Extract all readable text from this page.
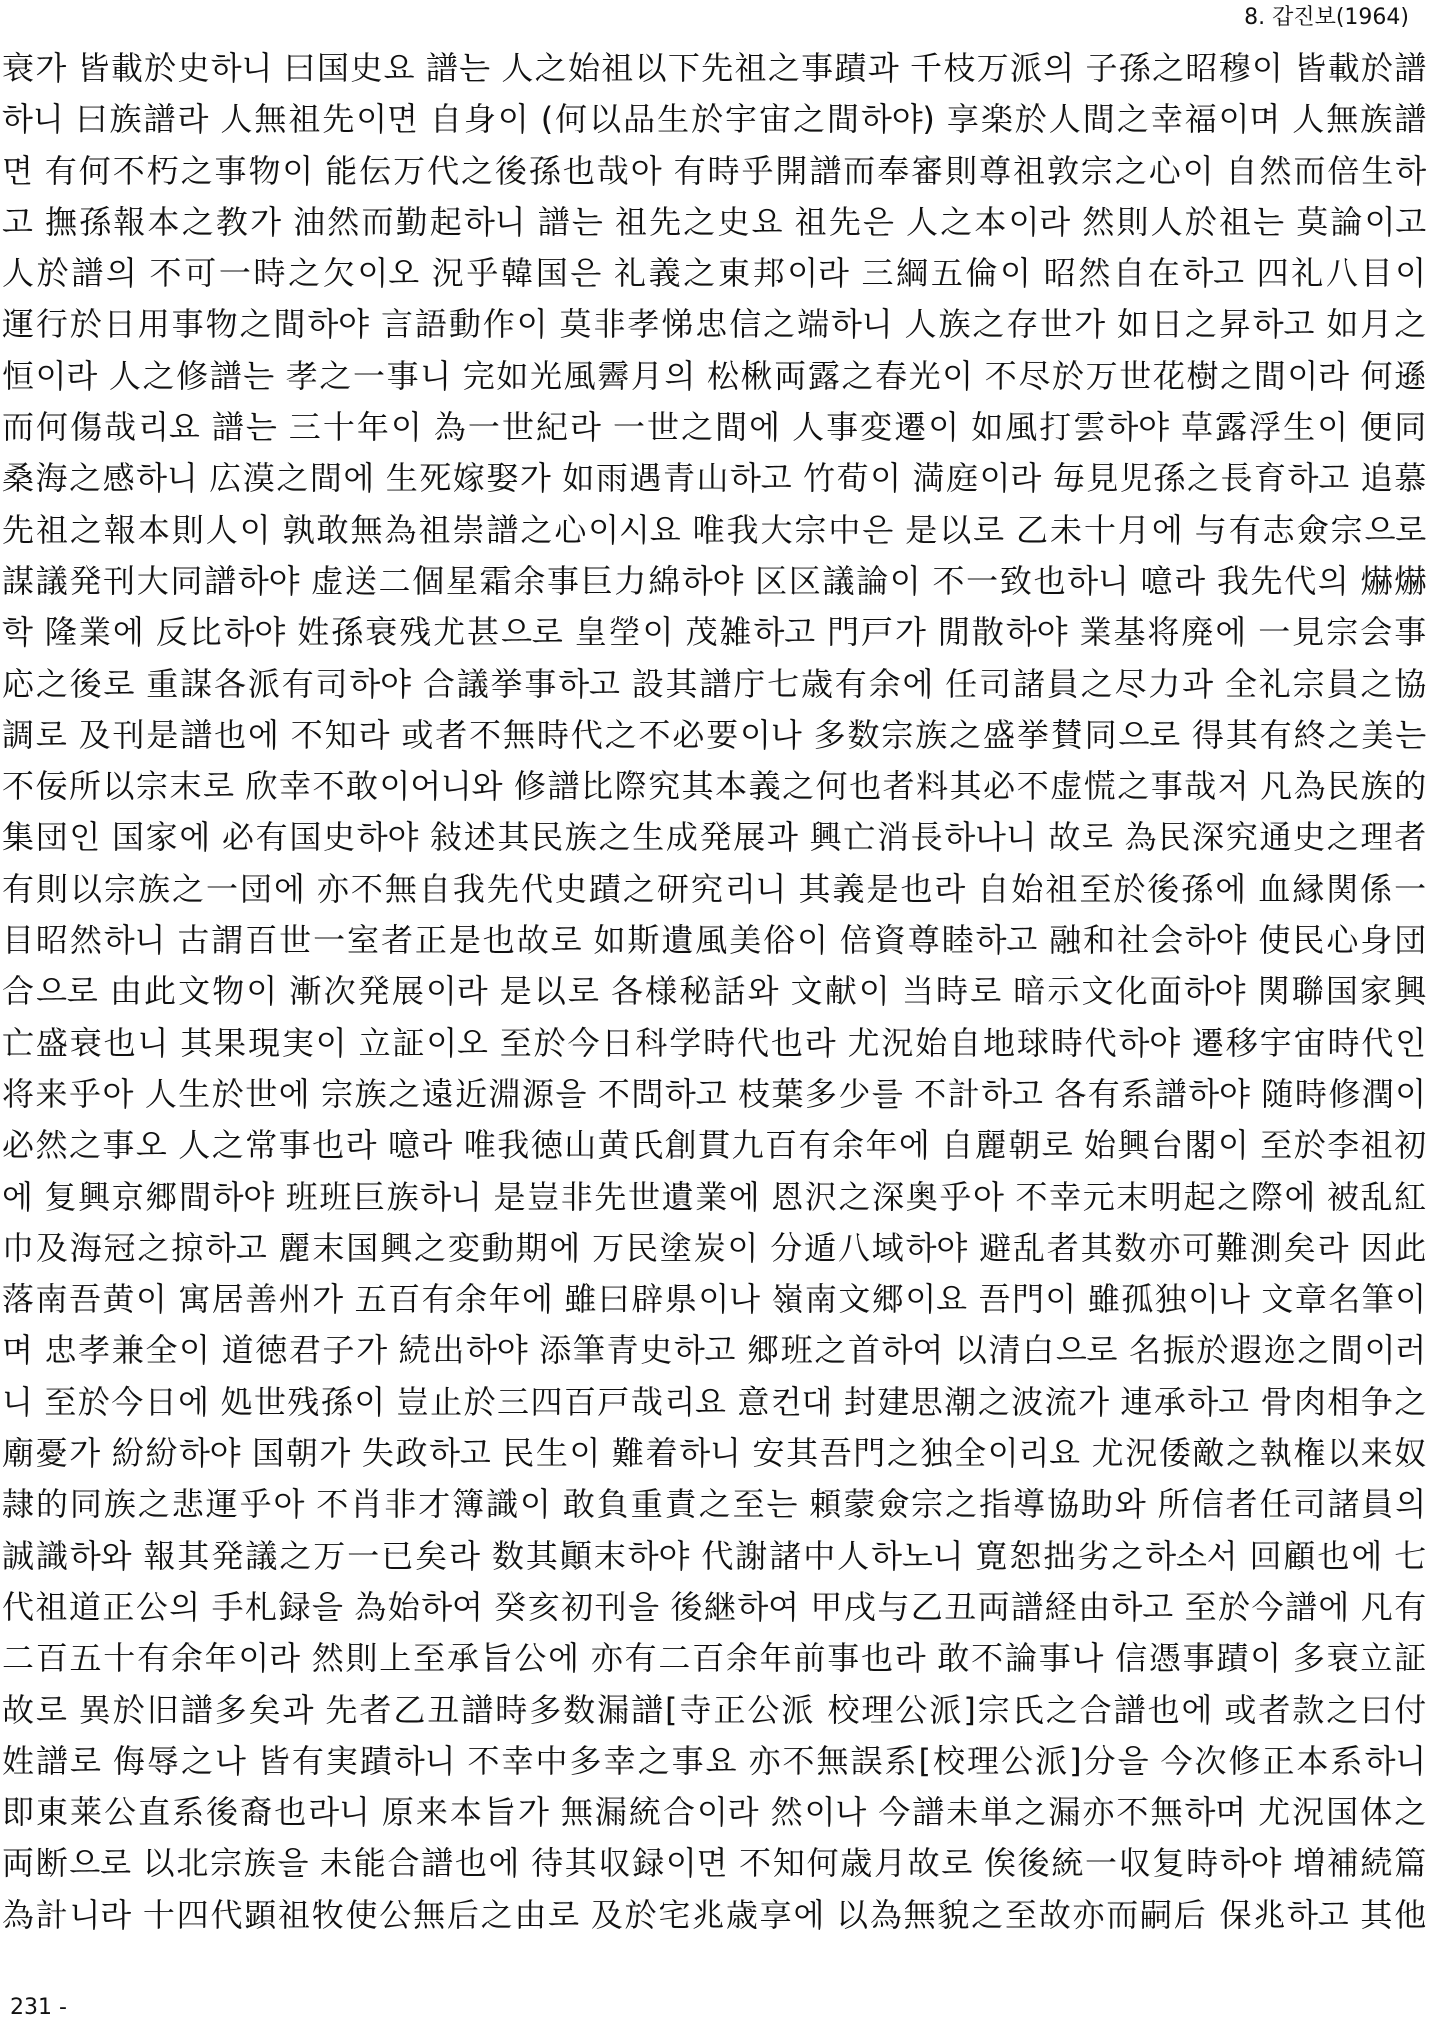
8. 갑진보(1964)
衰가 皆載於史하니 曰国史요 譜는 人之始祖以下先祖之事蹟과 千枝万派의 子孫之昭穆이 皆載於譜
하니 曰族譜라 人無祖先이면 自身이 (何以品生於宇宙之間하야) 享楽於人間之幸福이며 人無族譜
면 有何不朽之事物이 能伝万代之後孫也哉아 有時乎開譜而奉審則尊祖敦宗之心이 自然而倍生하
고 撫孫報本之教가 油然而勤起하니 譜는 祖先之史요 祖先은 人之本이라 然則人於祖는 莫論이고
人於譜의 不可一時之欠이오 況乎韓国은 礼義之東邦이라 三綱五倫이 昭然自在하고 四礼八目이
運行於日用事物之間하야 言語動作이 莫非孝悌忠信之端하니 人族之存世가 如日之昇하고 如月之
恒이라 人之修譜는 孝之一事니 完如光風霽月의 松楸両露之春光이 不尽於万世花樹之間이라 何遜
而何傷哉리요 譜는 三十年이 為一世紀라 一世之間에 人事変遷이 如風打雲하야 草露浮生이 便同
桑海之感하니 広漠之間에 生死嫁娶가 如雨遇青山하고 竹荀이 満庭이라 毎見児孫之長育하고 追慕
先祖之報本則人이 孰敢無為祖崇譜之心이시요 唯我大宗中은 是以로 乙未十月에 与有志僉宗으로
謀議発刊大同譜하야 虚送二個星霜余事巨力綿하야 区区議論이 不一致也하니 噫라 我先代의 爀爀
학 隆業에 反比하야 姓孫衰残尤甚으로 皇塋이 茂雑하고 門戸가 閒散하야 業基将廃에 一見宗会事
応之後로 重謀各派有司하야 合議挙事하고 設其譜庁七歳有余에 任司諸員之尽力과 全礼宗員之協
調로 及刊是譜也에 不知라 或者不無時代之不必要이나 多数宗族之盛挙賛同으로 得其有終之美는
不佞所以宗末로 欣幸不敢이어니와 修譜比際究其本義之何也者料其必不虚慌之事哉저 凡為民族的
集団인 国家에 必有国史하야 敍述其民族之生成発展과 興亡消長하나니 故로 為民深究通史之理者
有則以宗族之一団에 亦不無自我先代史蹟之研究리니 其義是也라 自始祖至於後孫에 血縁関係一
目昭然하니 古謂百世一室者正是也故로 如斯遺風美俗이 倍資尊睦하고 融和社会하야 使民心身団
合으로 由此文物이 漸次発展이라 是以로 各様秘話와 文献이 当時로 暗示文化面하야 関聯国家興
亡盛衰也니 其果現実이 立証이오 至於今日科学時代也라 尤況始自地球時代하야 遷移宇宙時代인
将来乎아 人生於世에 宗族之遠近淵源을 不問하고 枝葉多少를 不計하고 各有系譜하야 随時修潤이
必然之事오 人之常事也라 噫라 唯我徳山黄氏創貫九百有余年에 自麗朝로 始興台閣이 至於李祖初
에 复興京郷間하야 班班巨族하니 是豈非先世遺業에 恩沢之深奥乎아 不幸元末明起之際에 被乱紅
巾及海冠之掠하고 麗末国興之変動期에 万民塗炭이 分遁八域하야 避乱者其数亦可難測矣라 因此
落南吾黄이 寓居善州가 五百有余年에 雖曰辟県이나 嶺南文郷이요 吾門이 雖孤独이나 文章名筆이
며 忠孝兼全이 道徳君子가 続出하야 添筆青史하고 郷班之首하여 以清白으로 名振於遐迩之間이러
니 至於今日에 処世残孫이 豈止於三四百戸哉리요 意컨대 封建思潮之波流가 連承하고 骨肉相争之
廟憂가 紛紛하야 国朝가 失政하고 民生이 難着하니 安其吾門之独全이리요 尤況倭敵之執権以来奴
隷的同族之悲運乎아 不肖非才簿識이 敢負重責之至는 頼蒙僉宗之指導協助와 所信者任司諸員의
誠識하와 報其発議之万一已矣라 数其顚末하야 代謝諸中人하노니 寛恕拙劣之하소서 回顧也에 七
代祖道正公의 手札録을 為始하여 癸亥初刊을 後継하여 甲戌与乙丑両譜経由하고 至於今譜에 凡有
二百五十有余年이라 然則上至承旨公에 亦有二百余年前事也라 敢不論事나 信憑事蹟이 多衰立証
故로 異於旧譜多矣과 先者乙丑譜時多数漏譜[寺正公派 校理公派]宗氏之合譜也에 或者款之曰付
姓譜로 侮辱之나 皆有実蹟하니 不幸中多幸之事요 亦不無誤系[校理公派]分을 今次修正本系하니
即東莱公直系後裔也라니 原来本旨가 無漏統合이라 然이나 今譜未単之漏亦不無하며 尤況国体之
両断으로 以北宗族을 未能合譜也에 待其収録이면 不知何歳月故로 俟後統一収复時하야 増補続篇
為計니라 十四代顕祖牧使公無后之由로 及於宅兆歳享에 以為無貌之至故亦而嗣后 保兆하고 其他
231 -
